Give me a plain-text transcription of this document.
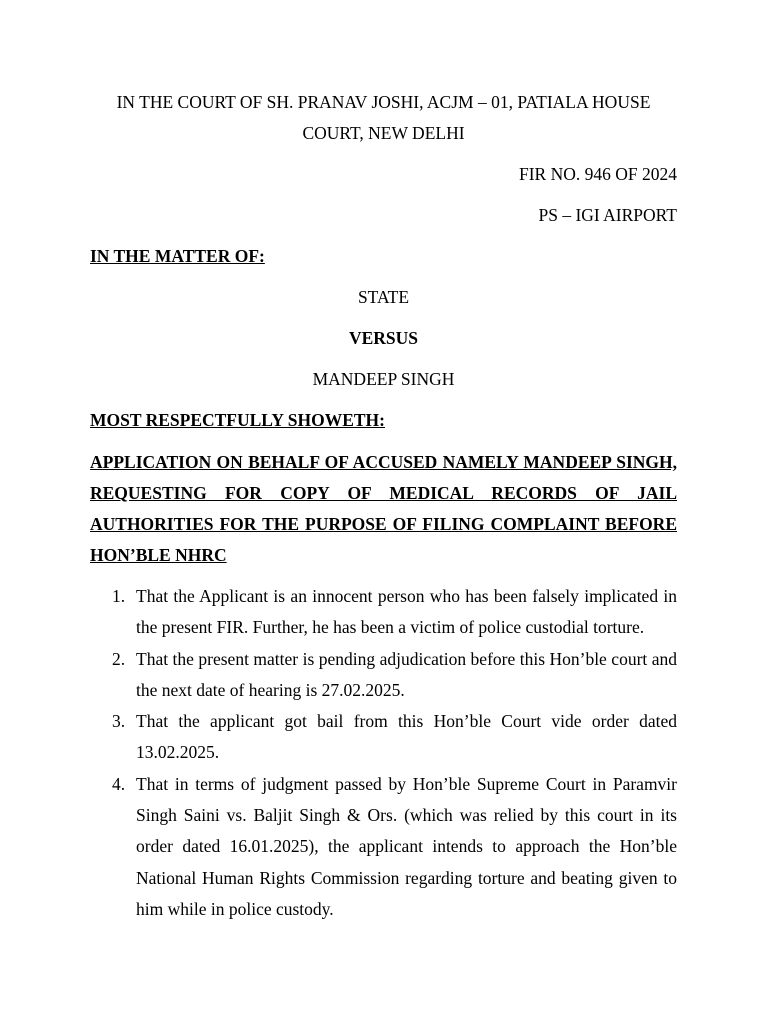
IN THE COURT OF SH. PRANAV JOSHI, ACJM – 01, PATIALA HOUSE COURT, NEW DELHI

FIR NO. 946 OF 2024

PS – IGI AIRPORT

IN THE MATTER OF:
STATE
VERSUS
MANDEEP SINGH
MOST RESPECTFULLY SHOWETH:
APPLICATION ON BEHALF OF ACCUSED NAMELY MANDEEP SINGH, REQUESTING FOR COPY OF MEDICAL RECORDS OF JAIL AUTHORITIES FOR THE PURPOSE OF FILING COMPLAINT BEFORE HON’BLE NHRC
1. That the Applicant is an innocent person who has been falsely implicated in the present FIR. Further, he has been a victim of police custodial torture.
2. That the present matter is pending adjudication before this Hon’ble court and the next date of hearing is 27.02.2025.
3. That the applicant got bail from this Hon’ble Court vide order dated 13.02.2025.
4. That in terms of judgment passed by Hon’ble Supreme Court in Paramvir Singh Saini vs. Baljit Singh & Ors. (which was relied by this court in its order dated 16.01.2025), the applicant intends to approach the Hon’ble National Human Rights Commission regarding torture and beating given to him while in police custody.
